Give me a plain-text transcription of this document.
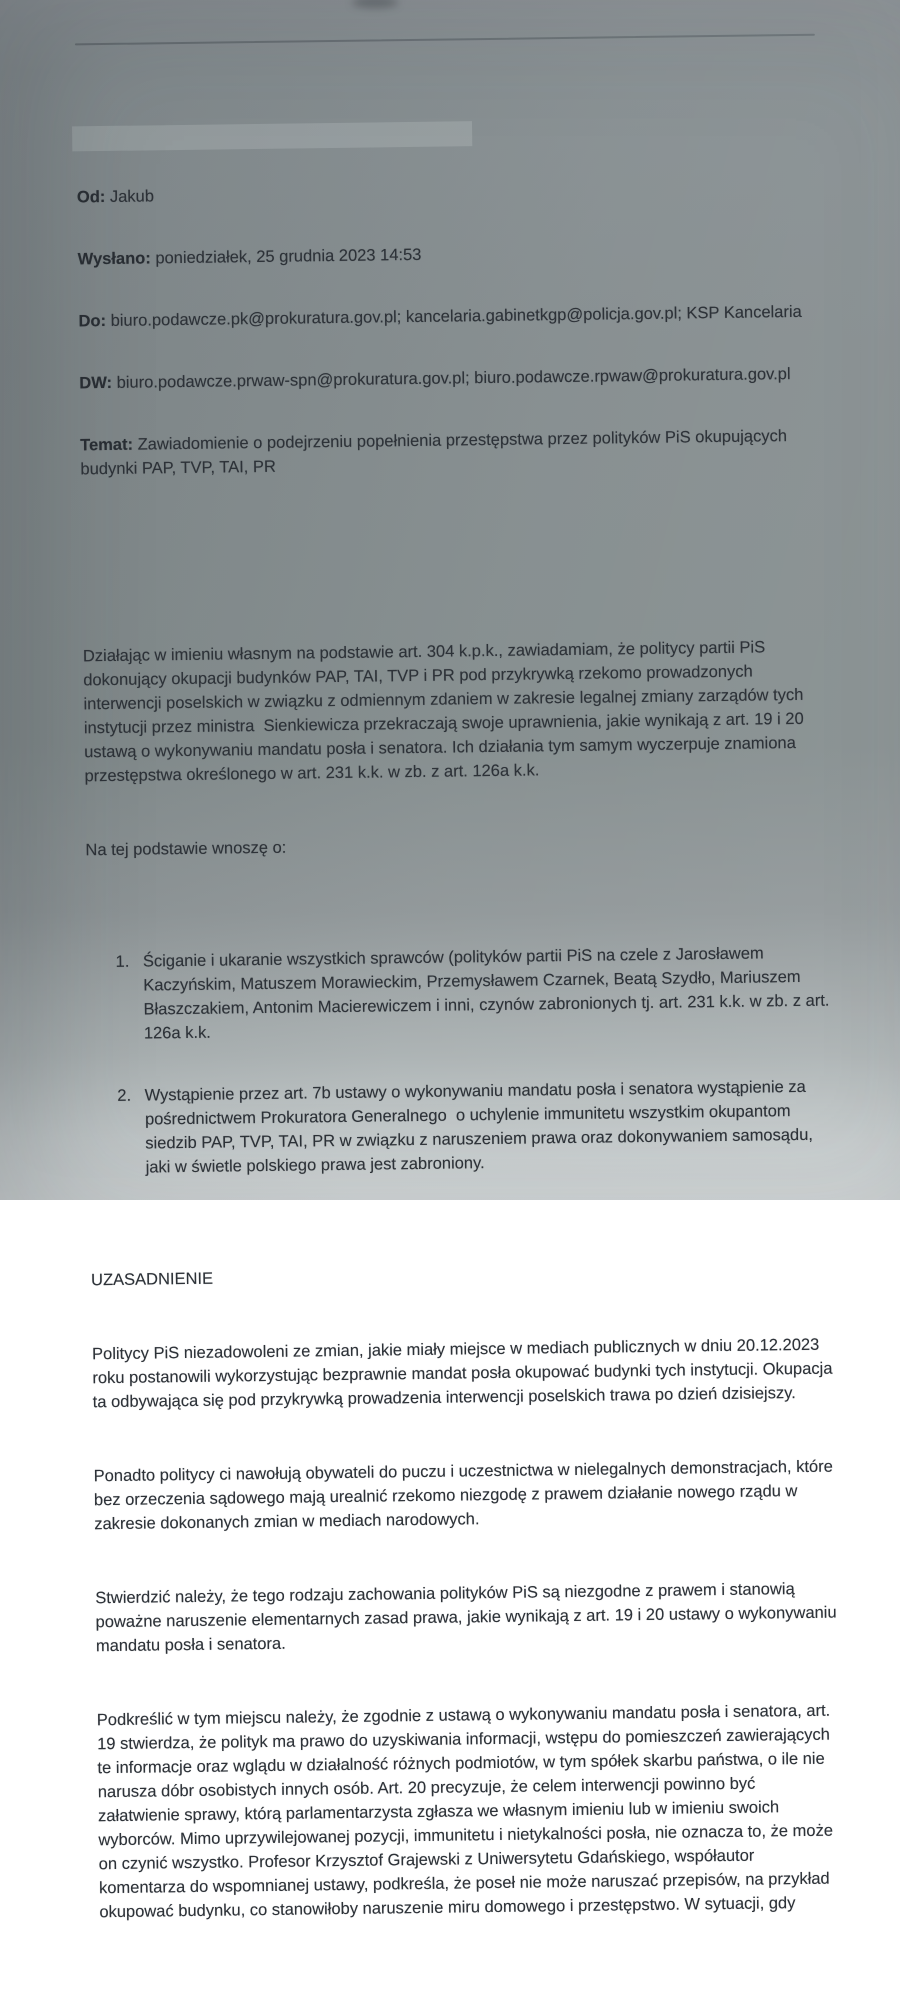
Od: Jakub

Wysłano: poniedziałek, 25 grudnia 2023 14:53

Do: biuro.podawcze.pk@prokuratura.gov.pl; kancelaria.gabinetkgp@policja.gov.pl; KSP Kancelaria

DW: biuro.podawcze.prwaw-spn@prokuratura.gov.pl; biuro.podawcze.rpwaw@prokuratura.gov.pl

Temat: Zawiadomienie o podejrzeniu popełnienia przestępstwa przez polityków PiS okupujących budynki PAP, TVP, TAI, PR

Działając w imieniu własnym na podstawie art. 304 k.p.k., zawiadamiam, że politycy partii PiS dokonujący okupacji budynków PAP, TAI, TVP i PR pod przykrywką rzekomo prowadzonych interwencji poselskich w związku z odmiennym zdaniem w zakresie legalnej zmiany zarządów tych instytucji przez ministra  Sienkiewicza przekraczają swoje uprawnienia, jakie wynikają z art. 19 i 20 ustawą o wykonywaniu mandatu posła i senatora. Ich działania tym samym wyczerpuje znamiona przestępstwa określonego w art. 231 k.k. w zb. z art. 126a k.k.

Na tej podstawie wnoszę o:

1. Ściganie i ukaranie wszystkich sprawców (polityków partii PiS na czele z Jarosławem Kaczyńskim, Matuszem Morawieckim, Przemysławem Czarnek, Beatą Szydło, Mariuszem Błaszczakiem, Antonim Macierewiczem i inni, czynów zabronionych tj. art. 231 k.k. w zb. z art. 126a k.k.

2. Wystąpienie przez art. 7b ustawy o wykonywaniu mandatu posła i senatora wystąpienie za pośrednictwem Prokuratora Generalnego  o uchylenie immunitetu wszystkim okupantom siedzib PAP, TVP, TAI, PR w związku z naruszeniem prawa oraz dokonywaniem samosądu, jaki w świetle polskiego prawa jest zabroniony.

UZASADNIENIE

Politycy PiS niezadowoleni ze zmian, jakie miały miejsce w mediach publicznych w dniu 20.12.2023 roku postanowili wykorzystując bezprawnie mandat posła okupować budynki tych instytucji. Okupacja ta odbywająca się pod przykrywką prowadzenia interwencji poselskich trawa po dzień dzisiejszy.

Ponadto politycy ci nawołują obywateli do puczu i uczestnictwa w nielegalnych demonstracjach, które bez orzeczenia sądowego mają urealnić rzekomo niezgodę z prawem działanie nowego rządu w zakresie dokonanych zmian w mediach narodowych.

Stwierdzić należy, że tego rodzaju zachowania polityków PiS są niezgodne z prawem i stanowią poważne naruszenie elementarnych zasad prawa, jakie wynikają z art. 19 i 20 ustawy o wykonywaniu mandatu posła i senatora.

Podkreślić w tym miejscu należy, że zgodnie z ustawą o wykonywaniu mandatu posła i senatora, art. 19 stwierdza, że polityk ma prawo do uzyskiwania informacji, wstępu do pomieszczeń zawierających te informacje oraz wglądu w działalność różnych podmiotów, w tym spółek skarbu państwa, o ile nie narusza dóbr osobistych innych osób. Art. 20 precyzuje, że celem interwencji powinno być załatwienie sprawy, którą parlamentarzysta zgłasza we własnym imieniu lub w imieniu swoich wyborców. Mimo uprzywilejowanej pozycji, immunitetu i nietykalności posła, nie oznacza to, że może on czynić wszystko. Profesor Krzysztof Grajewski z Uniwersytetu Gdańskiego, współautor komentarza do wspomnianej ustawy, podkreśla, że poseł nie może naruszać przepisów, na przykład okupować budynku, co stanowiłoby naruszenie miru domowego i przestępstwo. W sytuacji, gdy
